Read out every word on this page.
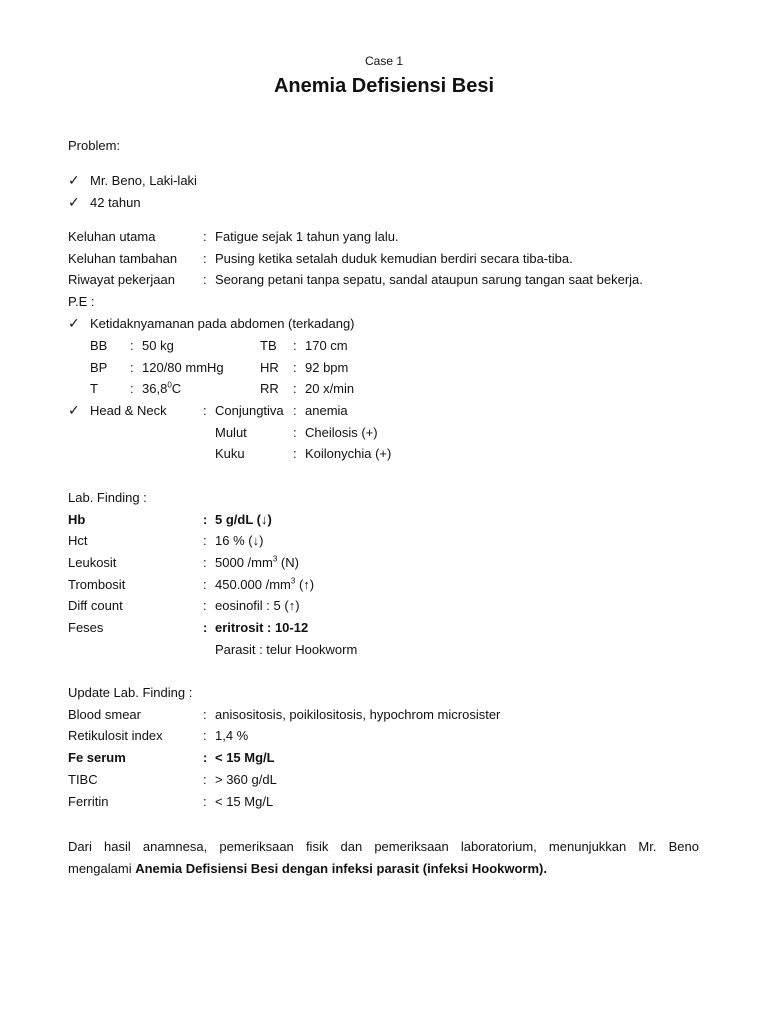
Case 1
Anemia Defisiensi Besi
Problem:
✓ Mr. Beno, Laki-laki
✓ 42 tahun
Keluhan utama	: Fatigue sejak 1 tahun yang lalu.
Keluhan tambahan : Pusing ketika setalah duduk kemudian berdiri secara tiba-tiba.
Riwayat pekerjaan : Seorang petani tanpa sepatu, sandal ataupun sarung tangan saat bekerja.
P.E :
✓ Ketidaknyamanan pada abdomen (terkadang)
BB : 50 kg	TB : 170 cm
BP : 120/80 mmHg	HR : 92 bpm
T : 36,8$^0$C	RR : 20 x/min
✓ Head & Neck	: Conjungtiva : anemia
Mulut	: Cheilosis (+)
Kuku	: Koilonychia (+)
Lab. Finding :
Hb	: 5 g/dL (↓)
Hct	: 16 % (↓)
Leukosit	: 5000 $/mm^3$ (N)
Trombosit	: 450.000 $/mm^3$ (↑)
Diff count	: eosinofil : 5 (↑)
Feses	: eritrosit : 10-12
Parasit : telur Hookworm
Update Lab. Finding :
Blood smear	: anisositosis, poikilositosis, hypochrom microsister
Retikulosit index	: 1,4 %
Fe serum	: < 15 Mg/L
TIBC	: > 360 g/dL
Ferritin	: < 15 Mg/L
Dari hasil anamnesa, pemeriksaan fisik dan pemeriksaan laboratorium, menunjukkan Mr. Beno
mengalami Anemia Defisiensi Besi dengan infeksi parasit (infeksi Hookworm).
